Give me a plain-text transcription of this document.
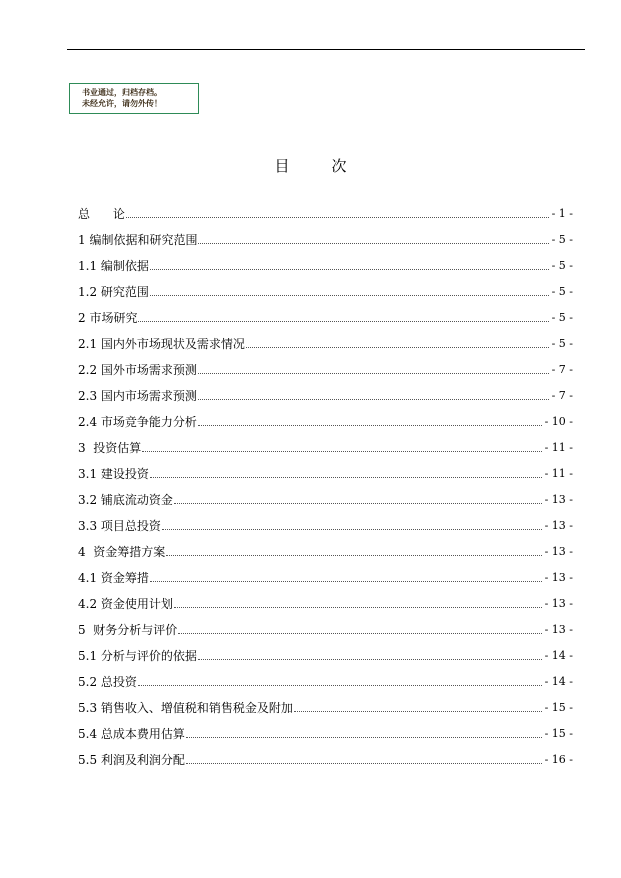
书业通过，归档存档。
未经允许，请勿外传！
目	次
总      论	- 1 -
1 编制依据和研究范围	- 5 -
1.1 编制依据	- 5 -
1.2 研究范围	- 5 -
2 市场研究	- 5 -
2.1 国内外市场现状及需求情况	- 5 -
2.2 国外市场需求预测	- 7 -
2.3 国内市场需求预测	- 7 -
2.4 市场竞争能力分析	- 10 -
3  投资估算	- 11 -
3.1 建设投资	- 11 -
3.2 铺底流动资金	- 13 -
3.3 项目总投资	- 13 -
4  资金筹措方案	- 13 -
4.1 资金筹措	- 13 -
4.2 资金使用计划	- 13 -
5  财务分析与评价	- 13 -
5.1 分析与评价的依据	- 14 -
5.2 总投资	- 14 -
5.3 销售收入、增值税和销售税金及附加	- 15 -
5.4 总成本费用估算	- 15 -
5.5 利润及利润分配	- 16 -
